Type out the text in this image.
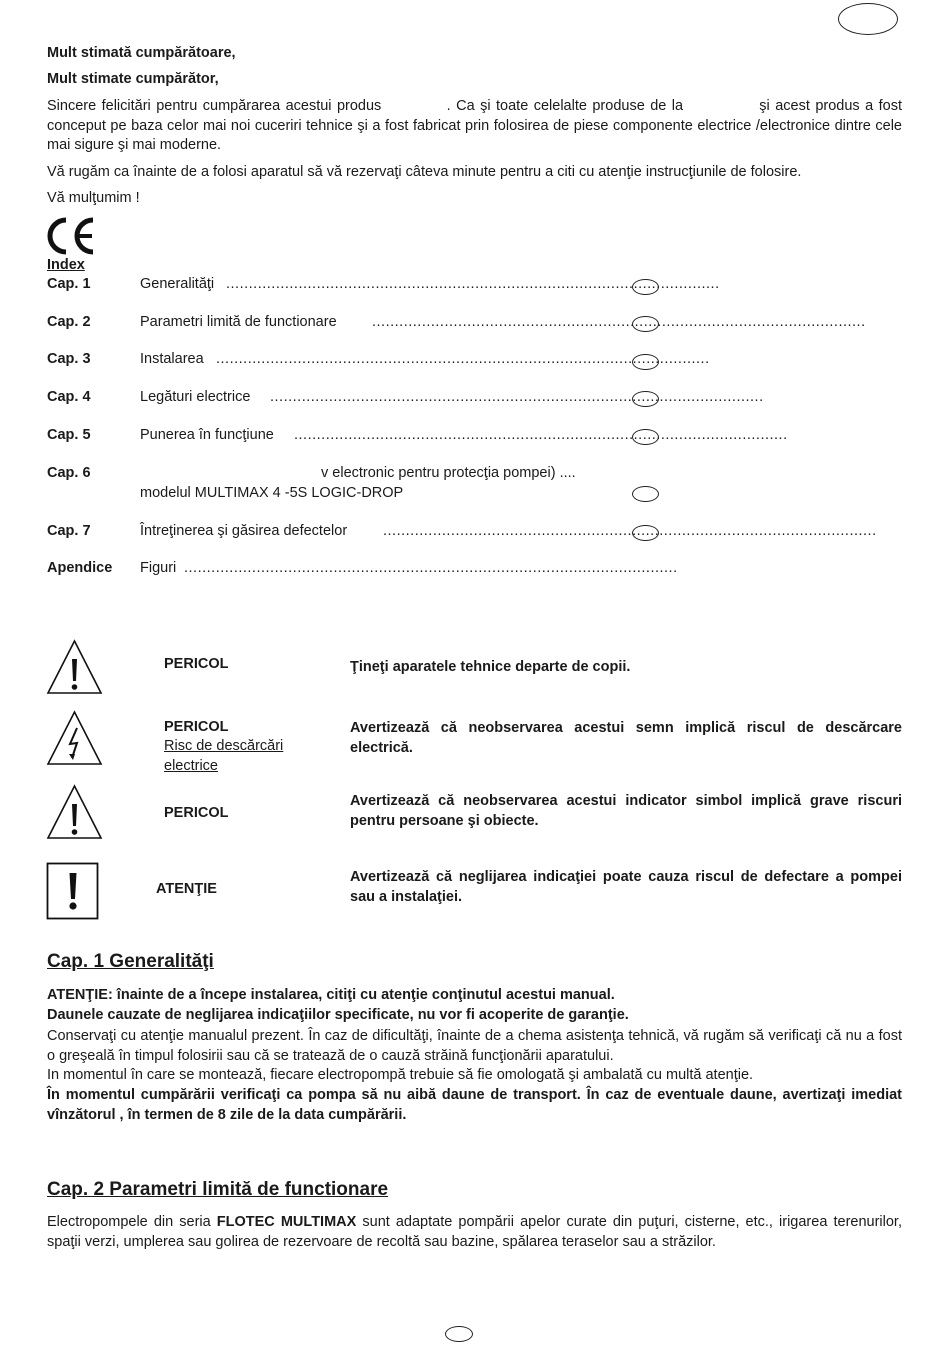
Mult stimată cumpărătoare,
Mult stimate cumpărător,

Sincere felicitări pentru cumpărarea acestui produs            . Ca şi toate celelalte produse de la              şi acest produs a fost conceput pe baza celor mai noi cuceriri tehnice şi a fost fabricat prin folosirea de piese componente electrice /electronice dintre cele mai sigure şi mai moderne.

Vă rugăm ca înainte de a folosi aparatul să vă rezervaţi câteva minute pentru a citi cu atenţie instrucţiunile de folosire.

Vă mulţumim !

Index
Cap. 1	Generalităţi .............................................................................................................
Cap. 2	Parametri limită de functionare .............................................................................................................
Cap. 3	Instalarea .............................................................................................................
Cap. 4	Legături electrice .............................................................................................................
Cap. 5	Punerea în funcţiune .............................................................................................................
Cap. 6	v electronic pentru protecţia pompei) ....
modelul MULTIMAX 4 -5S LOGIC-DROP
Cap. 7	Întreţinerea şi găsirea defectelor .............................................................................................................
Apendice Figuri .............................................................................................................
PERICOL	Ţineţi aparatele tehnice departe de copii.
PERICOL
Risc de descărcări electrice
Avertizează că neobservarea acestui semn implică riscul de descărcare electrică.
PERICOL
Avertizează că neobservarea acestui indicator simbol implică grave riscuri pentru persoane şi obiecte.
ATENŢIE
Avertizează că neglijarea indicaţiei poate cauza riscul de defectare a pompei sau a instalaţiei.
Cap. 1 Generalităţi

ATENŢIE: înainte de a începe instalarea, citiţi cu atenţie conţinutul acestui manual.

Daunele cauzate de neglijarea indicaţiilor specificate, nu vor fi acoperite de garanţie.

Conservaţi cu atenţie manualul prezent. În caz de dificultăţi, înainte de a chema asistenţa tehnică, vă rugăm să verificaţi că nu a fost o greşeală în timpul folosirii sau că se tratează de o cauză străină funcţionării aparatului.

In momentul în care se montează, fiecare electropompă trebuie să fie omologată şi ambalată cu multă atenţie.

În momentul cumpărării verificaţi ca pompa să nu aibă daune de transport. În caz de eventuale daune, avertizaţi imediat vînzătorul , în termen de 8 zile de la data cumpărării.

Cap. 2 Parametri limită de functionare

Electropompele din seria FLOTEC MULTIMAX sunt adaptate pompării apelor curate din puţuri, cisterne, etc., irigarea terenurilor, spaţii verzi, umplerea sau golirea de rezervoare de recoltă sau bazine, spălarea teraselor sau a străzilor.
